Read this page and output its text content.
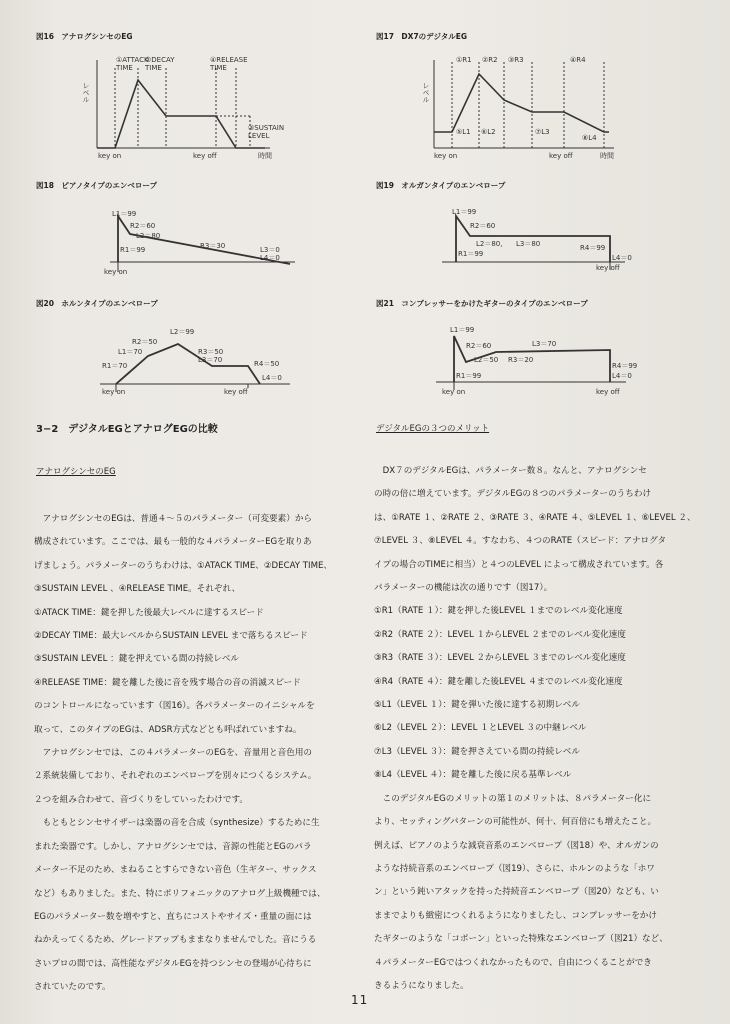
図16　アナログシンセのEG
レベル
①ATTACK TIME
②DECAY TIME
④RELEASE TIME
③SUSTAIN LEVEL
key on	key off	時間
図17　DX7のデジタルEG
レベル
①R1 ②R2 ③R3	④R4
⑤L1 ⑥L2	⑦L3
⑧L4
key on	key off	時間
図18　ピアノタイプのエンベロープ
L1＝99
R2＝60
L2＝80
R1＝99	R3＝30	L3＝0
L4＝0
key on
図19　オルガンタイプのエンベロープ
L1＝99
R2＝60
L2＝80, L3＝80
R1＝99
R4＝99
L4＝0
key off
図20　ホルンタイプのエンベロープ
L2＝99
R2＝50
L1＝70	R3＝50
R1＝70
L3＝70	R4＝50
L4＝0
key on	key off
図21　コンプレッサーをかけたギターのタイプのエンベロープ
L1＝99
R2＝60	L3＝70
L2＝50 R3＝20
R1＝99
R4＝99
L4＝0
key on	key off
3−2　デジタルEGとアナログEGの比較
アナログシンセのEG
デジタルEGの３つのメリット

　アナログシンセのEGは、普通４〜５のパラメーター（可変要素）から

構成されています。ここでは、最も一般的な４パラメーターEGを取りあ

げましょう。パラメーターのうちわけは、①ATACK TIME、②DECAY TIME、

③SUSTAIN LEVEL 、④RELEASE TIME。それぞれ、

①ATACK TIME：鍵を押した後最大レベルに達するスピード

②DECAY TIME：最大レベルからSUSTAIN LEVEL まで落ちるスピード

③SUSTAIN LEVEL ：鍵を押えている間の持続レベル

④RELEASE TIME：鍵を離した後に音を残す場合の音の消滅スピード

のコントロールになっています（図16）。各パラメーターのイニシャルを

取って、このタイプのEGは、ADSR方式などとも呼ばれていますね。

　アナログシンセでは、この４パラメーターのEGを、音量用と音色用の

２系統装備しており、それぞれのエンベロープを別々につくるシステム。

２つを組み合わせて、音づくりをしていったわけです。

　もともとシンセサイザーは楽器の音を合成（synthesize）するために生

まれた楽器です。しかし、アナログシンセでは、音源の性能とEGのパラ

メーター不足のため、まねることすらできない音色（生ギター、サックス

など）もありました。また、特にポリフォニックのアナログ上級機種では、

EGのパラメーター数を増やすと、直ちにコストやサイズ・重量の面には

ねかえってくるため、グレードアップもままなりませんでした。音にうる

さいプロの間では、高性能なデジタルEGを持つシンセの登場が心待ちに

されていたのです。

　DX７のデジタルEGは、パラメーター数８。なんと、アナログシンセ

の時の倍に増えています。デジタルEGの８つのパラメーターのうちわけ

は、①RATE １、②RATE ２、③RATE ３、④RATE ４、⑤LEVEL １、⑥LEVEL ２、

⑦LEVEL ３、⑧LEVEL ４。すなわち、４つのRATE（スピード：アナログタ

イプの場合のTIMEに相当）と４つのLEVEL によって構成されています。各

パラメーターの機能は次の通りです（図17）。

①R1（RATE １）：鍵を押した後LEVEL １までのレベル変化速度

②R2（RATE ２）：LEVEL １からLEVEL ２までのレベル変化速度

③R3（RATE ３）：LEVEL ２からLEVEL ３までのレベル変化速度

④R4（RATE ４）：鍵を離した後LEVEL ４までのレベル変化速度

⑤L1（LEVEL １）：鍵を弾いた後に達する初期レベル

⑥L2（LEVEL ２）：LEVEL １とLEVEL ３の中継レベル

⑦L3（LEVEL ３）：鍵を押さえている間の持続レベル

⑧L4（LEVEL ４）：鍵を離した後に戻る基準レベル

　このデジタルEGのメリットの第１のメリットは、８パラメーター化に

より、セッティングパターンの可能性が、何十、何百倍にも増えたこと。

例えば、ピアノのような減衰音系のエンベロープ（図18）や、オルガンの

ような持続音系のエンベロープ（図19）、さらに、ホルンのような「ホワ

ン」という鈍いアタックを持った持続音エンベロープ（図20）なども、い

ままでよりも緻密につくれるようになりましたし、コンプレッサーをかけ

たギターのような「コポーン」といった特殊なエンベロープ（図21）など、

４パラメーターEGではつくれなかったもので、自由につくることができ

きるようになりました。

11
